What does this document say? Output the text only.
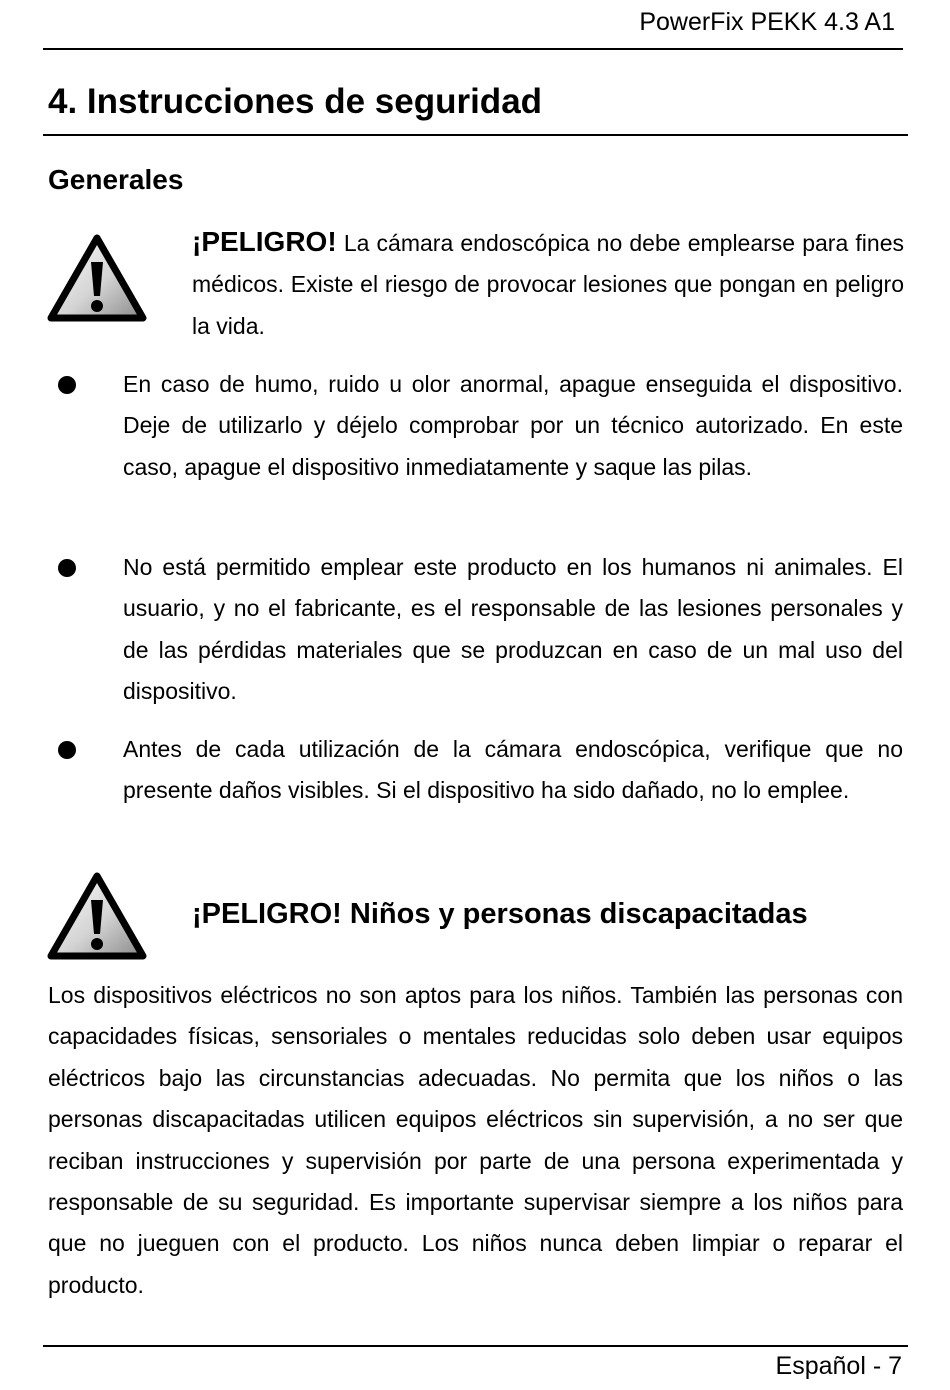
PowerFix PEKK 4.3 A1
4. Instrucciones de seguridad
Generales
¡PELIGRO! La cámara endoscópica no debe emplearse para fines médicos. Existe el riesgo de provocar lesiones que pongan en peligro la vida.
En caso de humo, ruido u olor anormal, apague enseguida el dispositivo. Deje de utilizarlo y déjelo comprobar por un técnico autorizado. En este caso, apague el dispositivo inmediatamente y saque las pilas.
No está permitido emplear este producto en los humanos ni animales. El usuario, y no el fabricante, es el responsable de las lesiones personales y de las pérdidas materiales que se produzcan en caso de un mal uso del dispositivo.
Antes de cada utilización de la cámara endoscópica, verifique que no presente daños visibles. Si el dispositivo ha sido dañado, no lo emplee.
¡PELIGRO! Niños y personas discapacitadas
Los dispositivos eléctricos no son aptos para los niños. También las personas con capacidades físicas, sensoriales o mentales reducidas solo deben usar equipos eléctricos bajo las circunstancias adecuadas. No permita que los niños o las personas discapacitadas utilicen equipos eléctricos sin supervisión, a no ser que reciban instrucciones y supervisión por parte de una persona experimentada y responsable de su seguridad. Es importante supervisar siempre a los niños para que no jueguen con el producto. Los niños nunca deben limpiar o reparar el producto.
Español - 7
